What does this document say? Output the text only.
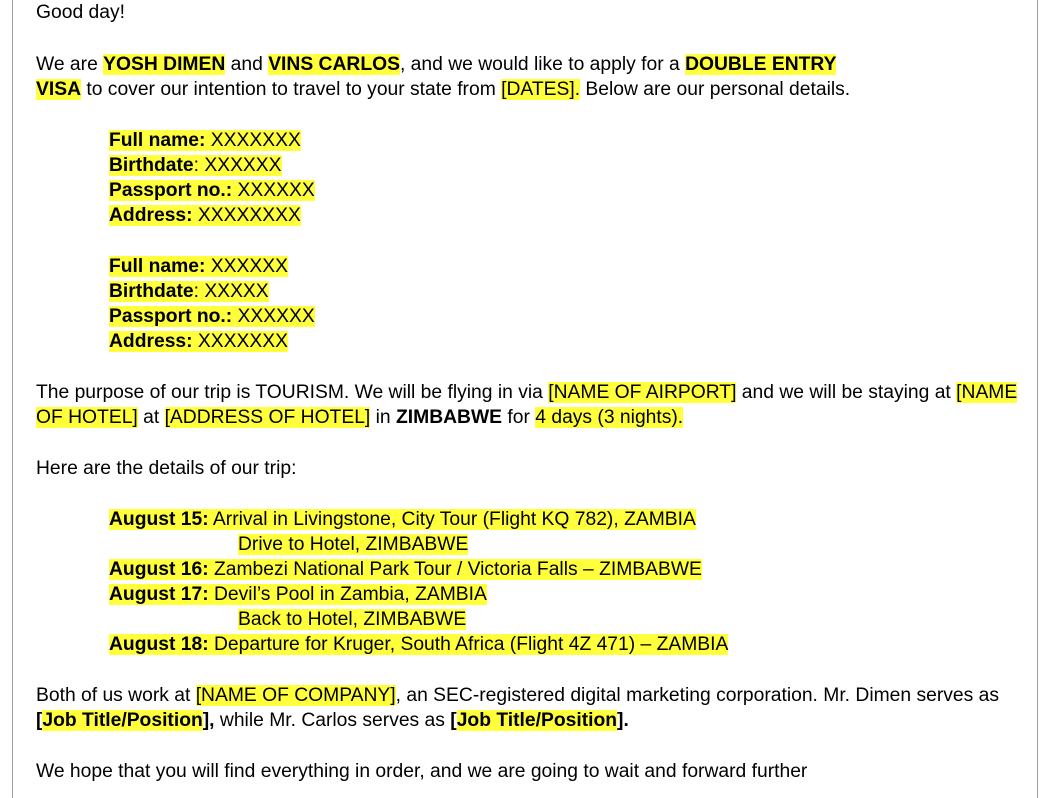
Good day!

We are YOSH DIMEN and VINS CARLOS, and we would like to apply for a DOUBLE ENTRY
VISA to cover our intention to travel to your state from [DATES]. Below are our personal details.

Full name: XXXXXXX

Birthdate: XXXXXX

Passport no.: XXXXXX

Address: XXXXXXXX

Full name: XXXXXX

Birthdate: XXXXX

Passport no.: XXXXXX

Address: XXXXXXX

The purpose of our trip is TOURISM. We will be flying in via [NAME OF AIRPORT] and we will be staying at [NAME OF HOTEL] at [ADDRESS OF HOTEL] in ZIMBABWE for 4 days (3 nights).

Here are the details of our trip:

August 15: Arrival in Livingstone, City Tour (Flight KQ 782), ZAMBIA

Drive to Hotel, ZIMBABWE

August 16: Zambezi National Park Tour / Victoria Falls – ZIMBABWE

August 17: Devil’s Pool in Zambia, ZAMBIA

Back to Hotel, ZIMBABWE

August 18: Departure for Kruger, South Africa (Flight 4Z 471) – ZAMBIA

Both of us work at [NAME OF COMPANY], an SEC-registered digital marketing corporation. Mr. Dimen serves as [Job Title/Position], while Mr. Carlos serves as [Job Title/Position].

We hope that you will find everything in order, and we are going to wait and forward further
